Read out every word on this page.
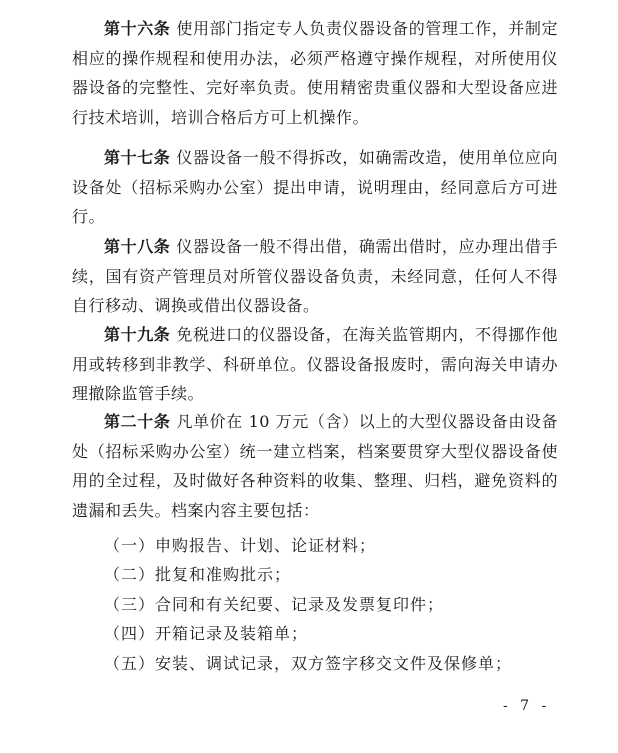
第十六条 使用部门指定专人负责仪器设备的管理工作，并制定相应的操作规程和使用办法，必须严格遵守操作规程，对所使用仪器设备的完整性、完好率负责。使用精密贵重仪器和大型设备应进行技术培训，培训合格后方可上机操作。

第十七条 仪器设备一般不得拆改，如确需改造，使用单位应向设备处（招标采购办公室）提出申请，说明理由，经同意后方可进行。

第十八条 仪器设备一般不得出借，确需出借时，应办理出借手续，国有资产管理员对所管仪器设备负责，未经同意，任何人不得自行移动、调换或借出仪器设备。

第十九条 免税进口的仪器设备，在海关监管期内，不得挪作他用或转移到非教学、科研单位。仪器设备报废时，需向海关申请办理撤除监管手续。

第二十条 凡单价在 10 万元（含）以上的大型仪器设备由设备处（招标采购办公室）统一建立档案，档案要贯穿大型仪器设备使用的全过程，及时做好各种资料的收集、整理、归档，避免资料的遗漏和丢失。档案内容主要包括：

（一）申购报告、计划、论证材料；
（二）批复和准购批示；
（三）合同和有关纪要、记录及发票复印件；
（四）开箱记录及装箱单；
（五）安装、调试记录，双方签字移交文件及保修单；
- 7 -
